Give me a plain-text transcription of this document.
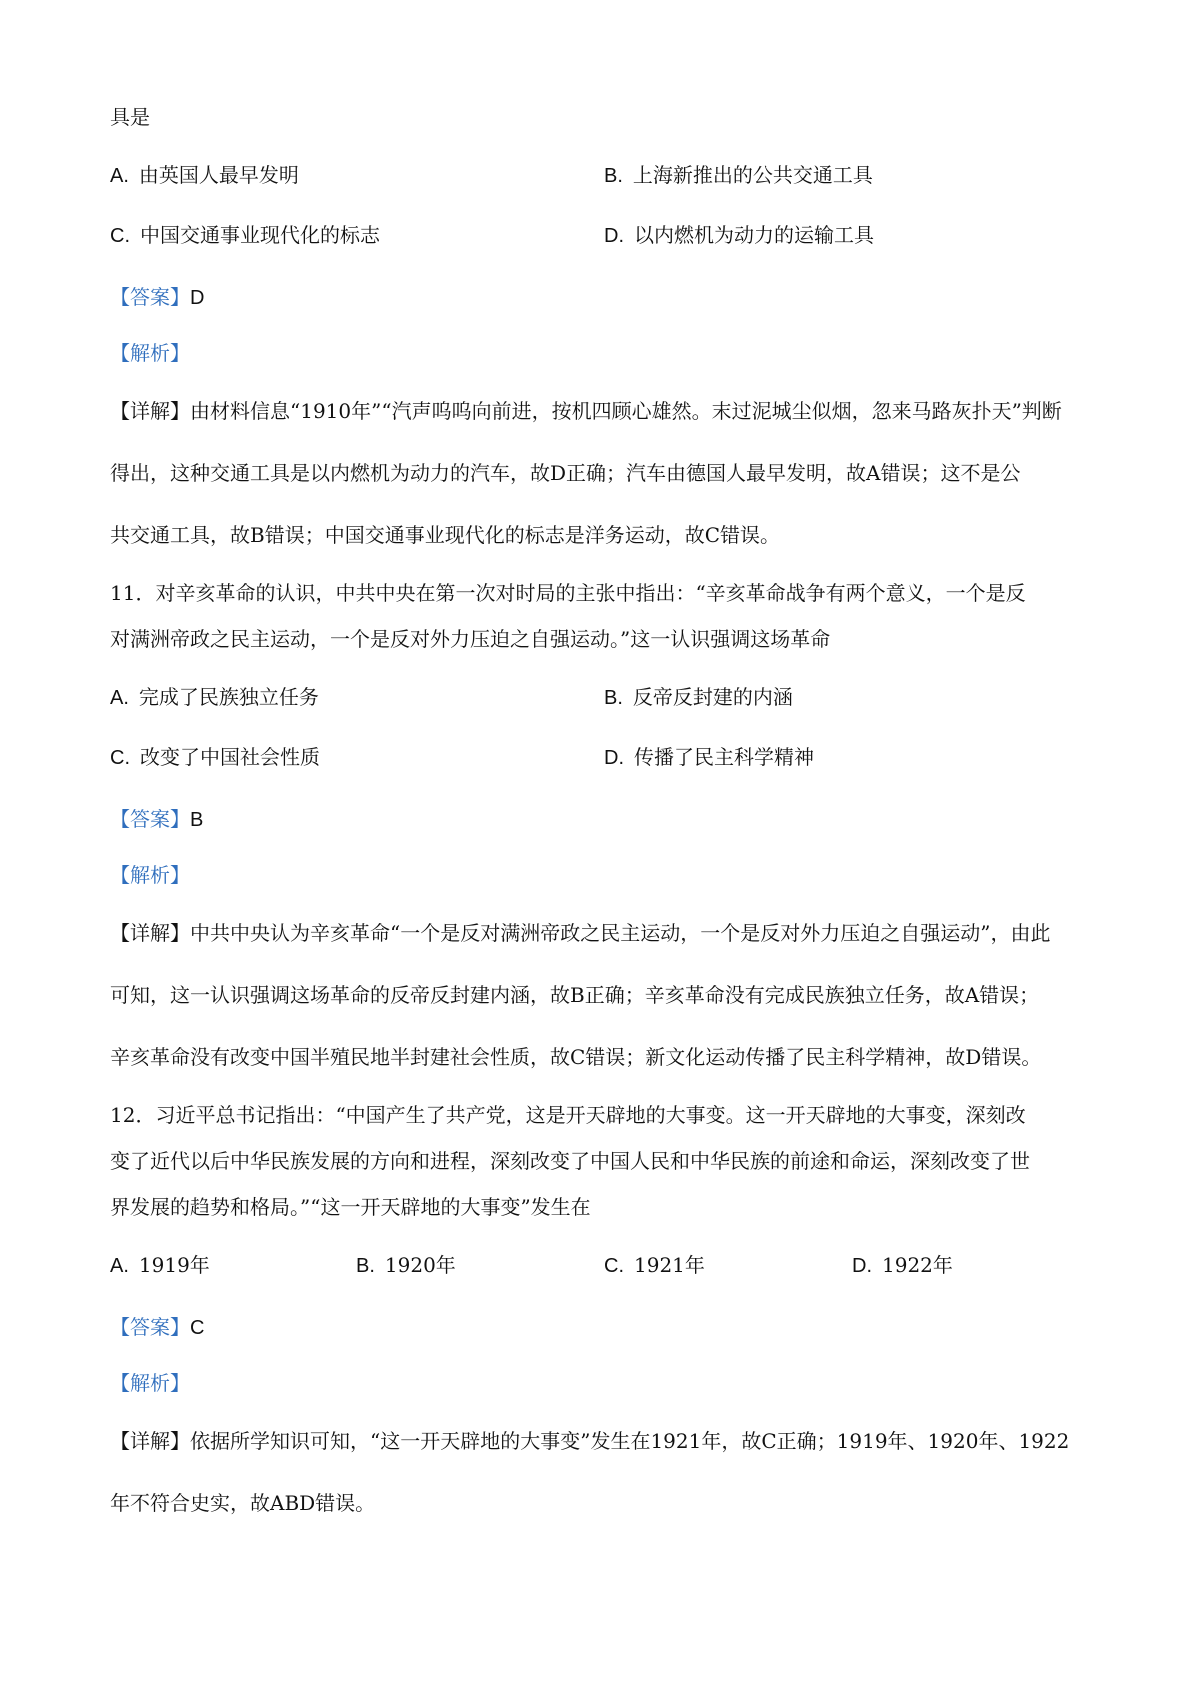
具是
A. 由英国人最早发明	B. 上海新推出的公共交通工具
C. 中国交通事业现代化的标志	D. 以内燃机为动力的运输工具
【答案】D
【解析】
【详解】由材料信息“1910年”“汽声呜呜向前进，按机四顾心雄然。末过泥城尘似烟，忽来马路灰扑天”判断
得出，这种交通工具是以内燃机为动力的汽车，故D正确；汽车由德国人最早发明，故A错误；这不是公
共交通工具，故B错误；中国交通事业现代化的标志是洋务运动，故C错误。
11．对辛亥革命的认识，中共中央在第一次对时局的主张中指出：“辛亥革命战争有两个意义，一个是反
对满洲帝政之民主运动，一个是反对外力压迫之自强运动。”这一认识强调这场革命
A. 完成了民族独立任务	B. 反帝反封建的内涵
C. 改变了中国社会性质	D. 传播了民主科学精神
【答案】B
【解析】
【详解】中共中央认为辛亥革命“一个是反对满洲帝政之民主运动，一个是反对外力压迫之自强运动”，由此
可知，这一认识强调这场革命的反帝反封建内涵，故B正确；辛亥革命没有完成民族独立任务，故A错误；
辛亥革命没有改变中国半殖民地半封建社会性质，故C错误；新文化运动传播了民主科学精神，故D错误。
12．习近平总书记指出：“中国产生了共产党，这是开天辟地的大事变。这一开天辟地的大事变，深刻改
变了近代以后中华民族发展的方向和进程，深刻改变了中国人民和中华民族的前途和命运，深刻改变了世
界发展的趋势和格局。”“这一开天辟地的大事变”发生在
A. 1919年	B. 1920年	C. 1921年	D. 1922年
【答案】C
【解析】
【详解】依据所学知识可知，“这一开天辟地的大事变”发生在1921年，故C正确；1919年、1920年、1922
年不符合史实，故ABD错误。
